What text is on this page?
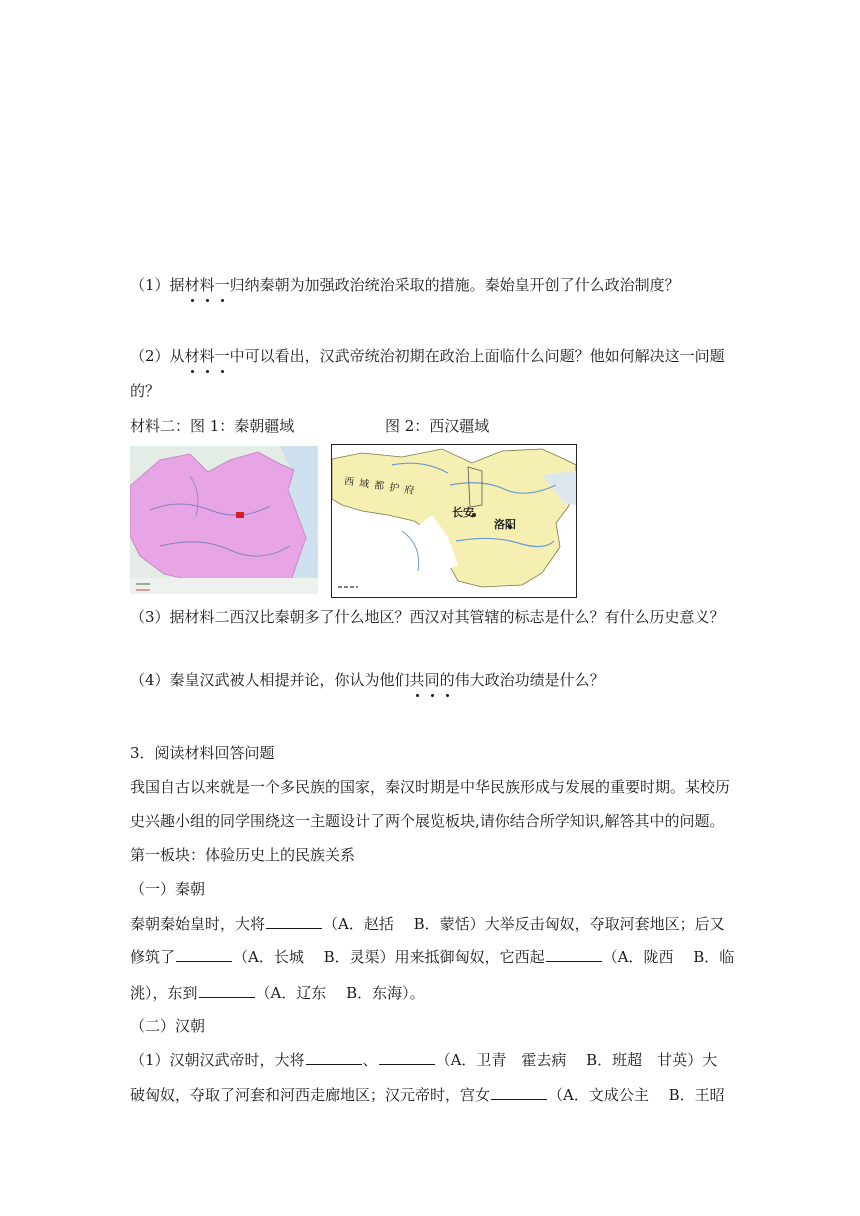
（1）据材料一归纳秦朝为加强政治统治采取的措施。秦始皇开创了什么政治制度？
（2）从材料一中可以看出，汉武帝统治初期在政治上面临什么问题？他如何解决这一问题
的？
材料二：图 1：秦朝疆域	图 2：西汉疆域
西 域 都 护 府
长安
洛阳
（3）据材料二西汉比秦朝多了什么地区？西汉对其管辖的标志是什么？有什么历史意义？
（4）秦皇汉武被人相提并论，你认为他们共同的伟大政治功绩是什么？
3．阅读材料回答问题
我国自古以来就是一个多民族的国家，秦汉时期是中华民族形成与发展的重要时期。某校历
史兴趣小组的同学围绕这一主题设计了两个展览板块,请你结合所学知识,解答其中的问题。
第一板块：体验历史上的民族关系
（一）秦朝
秦朝秦始皇时，大将	（A．赵括　 B．蒙恬）大举反击匈奴，夺取河套地区；后又
修筑了	（A．长城　 B．灵渠）用来抵御匈奴，它西起	（A．陇西　 B．临
洮），东到	（A．辽东　 B．东海）。
（二）汉朝
（1）汉朝汉武帝时，大将	、	（A．卫青　霍去病　 B．班超　甘英）大
破匈奴，夺取了河套和河西走廊地区；汉元帝时，宫女	（A．文成公主　 B．王昭
